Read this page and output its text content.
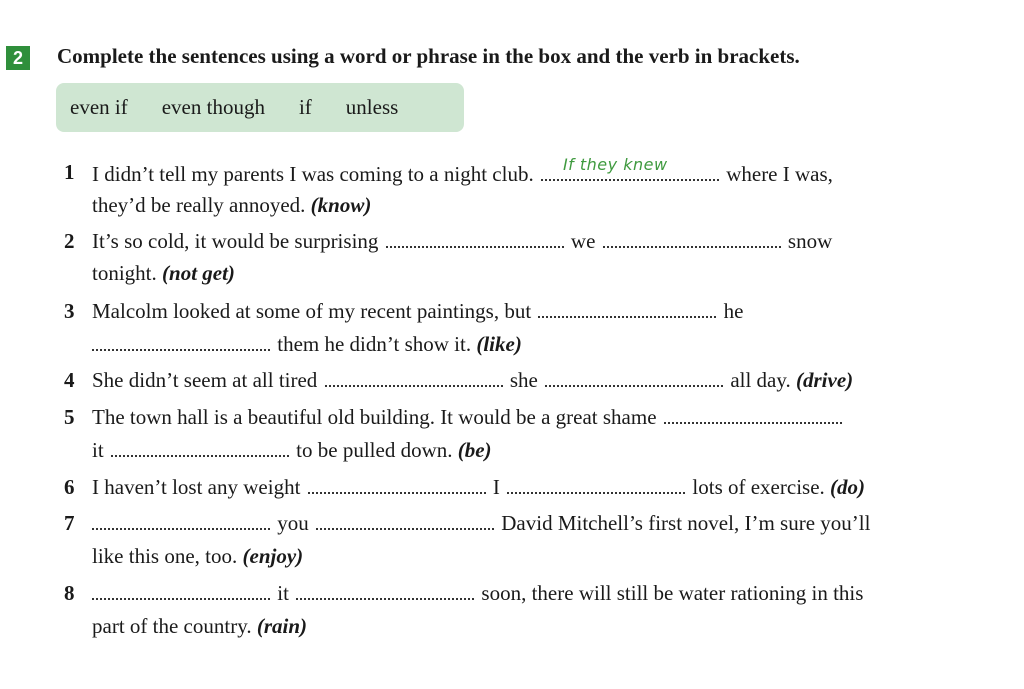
2	Complete the sentences using a word or phrase in the box and the verb in brackets.
even if even though if unless
1 I didn’t tell my parents I was coming to a night club. If they knew	where I was,
they’d be really annoyed. (know)
2 It’s so cold, it would be surprising	we	snow
tonight. (not get)
3 Malcolm looked at some of my recent paintings, but	he
them he didn’t show it. (like)
4 She didn’t seem at all tired	she	all day. (drive)
5 The town hall is a beautiful old building. It would be a great shame
it	to be pulled down. (be)
6 I haven’t lost any weight	I	lots of exercise. (do)
7	you	David Mitchell’s first novel, I’m sure you’ll
like this one, too. (enjoy)
8	it	soon, there will still be water rationing in this
part of the country. (rain)
